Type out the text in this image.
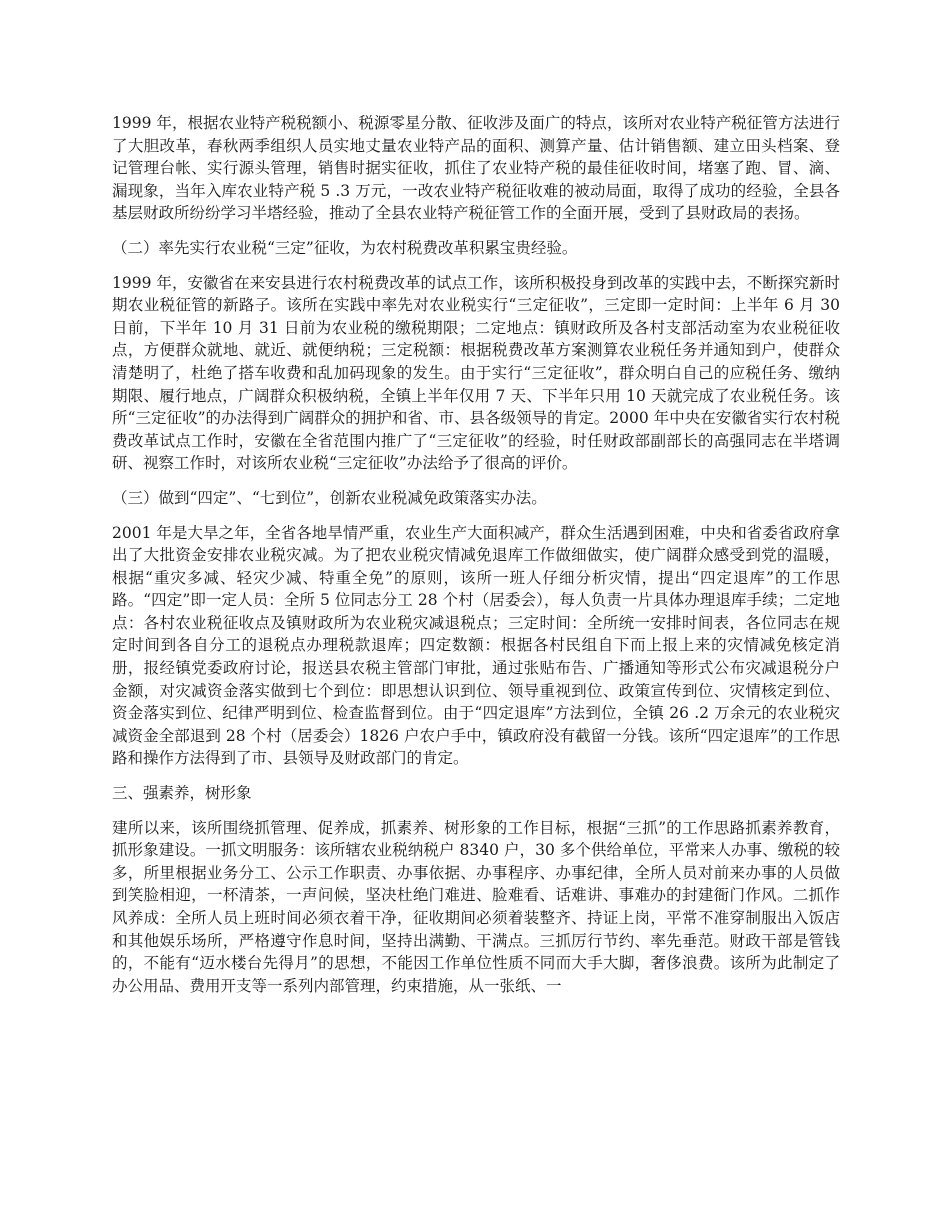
1999 年，根据农业特产税税额小、税源零星分散、征收涉及面广的特点，该所对农业特产税征管方法进行了大胆改革，春秋两季组织人员实地丈量农业特产品的面积、测算产量、估计销售额、建立田头档案、登记管理台帐、实行源头管理，销售时据实征收，抓住了农业特产税的最佳征收时间，堵塞了跑、冒、滴、漏现象，当年入库农业特产税 5 .3 万元，一改农业特产税征收难的被动局面，取得了成功的经验，全县各基层财政所纷纷学习半塔经验，推动了全县农业特产税征管工作的全面开展，受到了县财政局的表扬。

（二）率先实行农业税“三定”征收，为农村税费改革积累宝贵经验。

1999 年，安徽省在来安县进行农村税费改革的试点工作，该所积极投身到改革的实践中去，不断探究新时期农业税征管的新路子。该所在实践中率先对农业税实行“三定征收”，三定即一定时间：上半年 6 月 30 日前，下半年 10 月 31 日前为农业税的缴税期限；二定地点：镇财政所及各村支部活动室为农业税征收点，方便群众就地、就近、就便纳税；三定税额：根据税费改革方案测算农业税任务并通知到户，使群众清楚明了，杜绝了搭车收费和乱加码现象的发生。由于实行“三定征收”，群众明白自己的应税任务、缴纳期限、履行地点，广阔群众积极纳税，全镇上半年仅用 7 天、下半年只用 10 天就完成了农业税任务。该所“三定征收”的办法得到广阔群众的拥护和省、市、县各级领导的肯定。2000 年中央在安徽省实行农村税费改革试点工作时，安徽在全省范围内推广了“三定征收”的经验，时任财政部副部长的高强同志在半塔调研、视察工作时，对该所农业税“三定征收”办法给予了很高的评价。

（三）做到“四定”、“七到位”，创新农业税减免政策落实办法。

2001 年是大旱之年，全省各地旱情严重，农业生产大面积减产，群众生活遇到困难，中央和省委省政府拿出了大批资金安排农业税灾减。为了把农业税灾情减免退库工作做细做实，使广阔群众感受到党的温暖，根据“重灾多减、轻灾少减、特重全免”的原则，该所一班人仔细分析灾情，提出“四定退库”的工作思路。“四定”即一定人员：全所 5 位同志分工 28 个村（居委会），每人负责一片具体办理退库手续；二定地点：各村农业税征收点及镇财政所为农业税灾减退税点；三定时间：全所统一安排时间表，各位同志在规定时间到各自分工的退税点办理税款退库；四定数额：根据各村民组自下而上报上来的灾情减免核定消册，报经镇党委政府讨论，报送县农税主管部门审批，通过张贴布告、广播通知等形式公布灾减退税分户金额，对灾减资金落实做到七个到位：即思想认识到位、领导重视到位、政策宣传到位、灾情核定到位、资金落实到位、纪律严明到位、检查监督到位。由于“四定退库”方法到位，全镇 26 .2 万余元的农业税灾减资金全部退到 28 个村（居委会）1826 户农户手中，镇政府没有截留一分钱。该所“四定退库”的工作思路和操作方法得到了市、县领导及财政部门的肯定。

三、强素养，树形象

建所以来，该所围绕抓管理、促养成，抓素养、树形象的工作目标，根据“三抓”的工作思路抓素养教育，抓形象建设。一抓文明服务：该所辖农业税纳税户 8340 户，30 多个供给单位，平常来人办事、缴税的较多，所里根据业务分工、公示工作职责、办事依据、办事程序、办事纪律，全所人员对前来办事的人员做到笑脸相迎，一杯清茶，一声问候，坚决杜绝门难进、脸难看、话难讲、事难办的封建衙门作风。二抓作风养成：全所人员上班时间必须衣着干净，征收期间必须着装整齐、持证上岗，平常不准穿制服出入饭店和其他娱乐场所，严格遵守作息时间，坚持出满勤、干满点。三抓厉行节约、率先垂范。财政干部是管钱的，不能有“迈水楼台先得月”的思想，不能因工作单位性质不同而大手大脚，奢侈浪费。该所为此制定了办公用品、费用开支等一系列内部管理，约束措施，从一张纸、一
